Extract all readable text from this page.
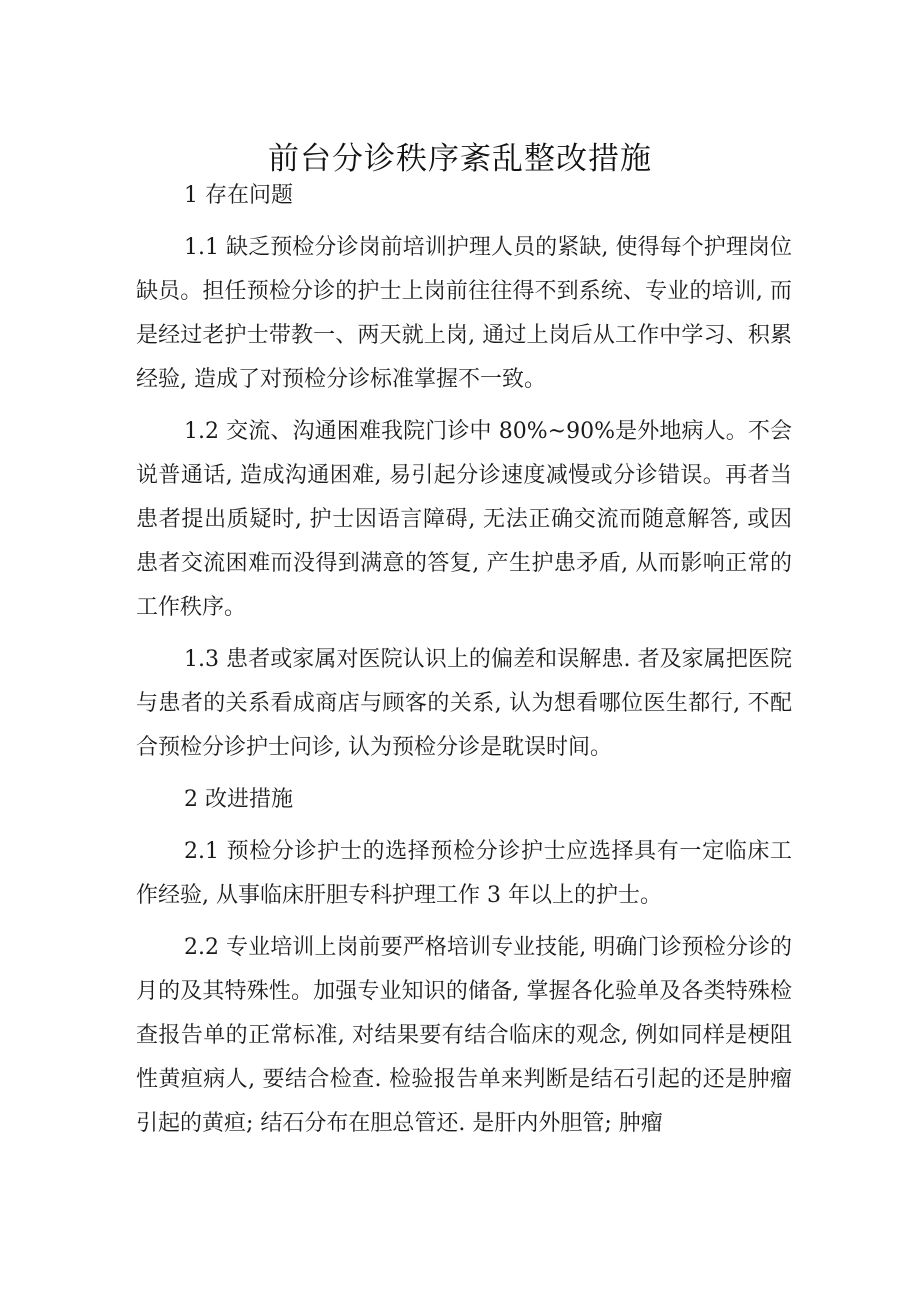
前台分诊秩序紊乱整改措施

1 存在问题

1.1 缺乏预检分诊岗前培训护理人员的紧缺, 使得每个护理岗位缺员。担任预检分诊的护士上岗前往往得不到系统、专业的培训, 而是经过老护士带教一、两天就上岗, 通过上岗后从工作中学习、积累经验, 造成了对预检分诊标准掌握不一致。

1.2 交流、沟通困难我院门诊中 80%~90%是外地病人。不会说普通话, 造成沟通困难, 易引起分诊速度减慢或分诊错误。再者当患者提出质疑时, 护士因语言障碍, 无法正确交流而随意解答, 或因患者交流困难而没得到满意的答复, 产生护患矛盾, 从而影响正常的工作秩序。

1.3 患者或家属对医院认识上的偏差和误解患. 者及家属把医院与患者的关系看成商店与顾客的关系, 认为想看哪位医生都行, 不配合预检分诊护士问诊, 认为预检分诊是耽误时间。

2 改进措施

2.1 预检分诊护士的选择预检分诊护士应选择具有一定临床工作经验, 从事临床肝胆专科护理工作 3 年以上的护士。

2.2 专业培训上岗前要严格培训专业技能, 明确门诊预检分诊的月的及其特殊性。加强专业知识的储备, 掌握各化验单及各类特殊检查报告单的正常标准, 对结果要有结合临床的观念, 例如同样是梗阻性黄疸病人, 要结合检查. 检验报告单来判断是结石引起的还是肿瘤引起的黄疸; 结石分布在胆总管还. 是肝内外胆管; 肿瘤
